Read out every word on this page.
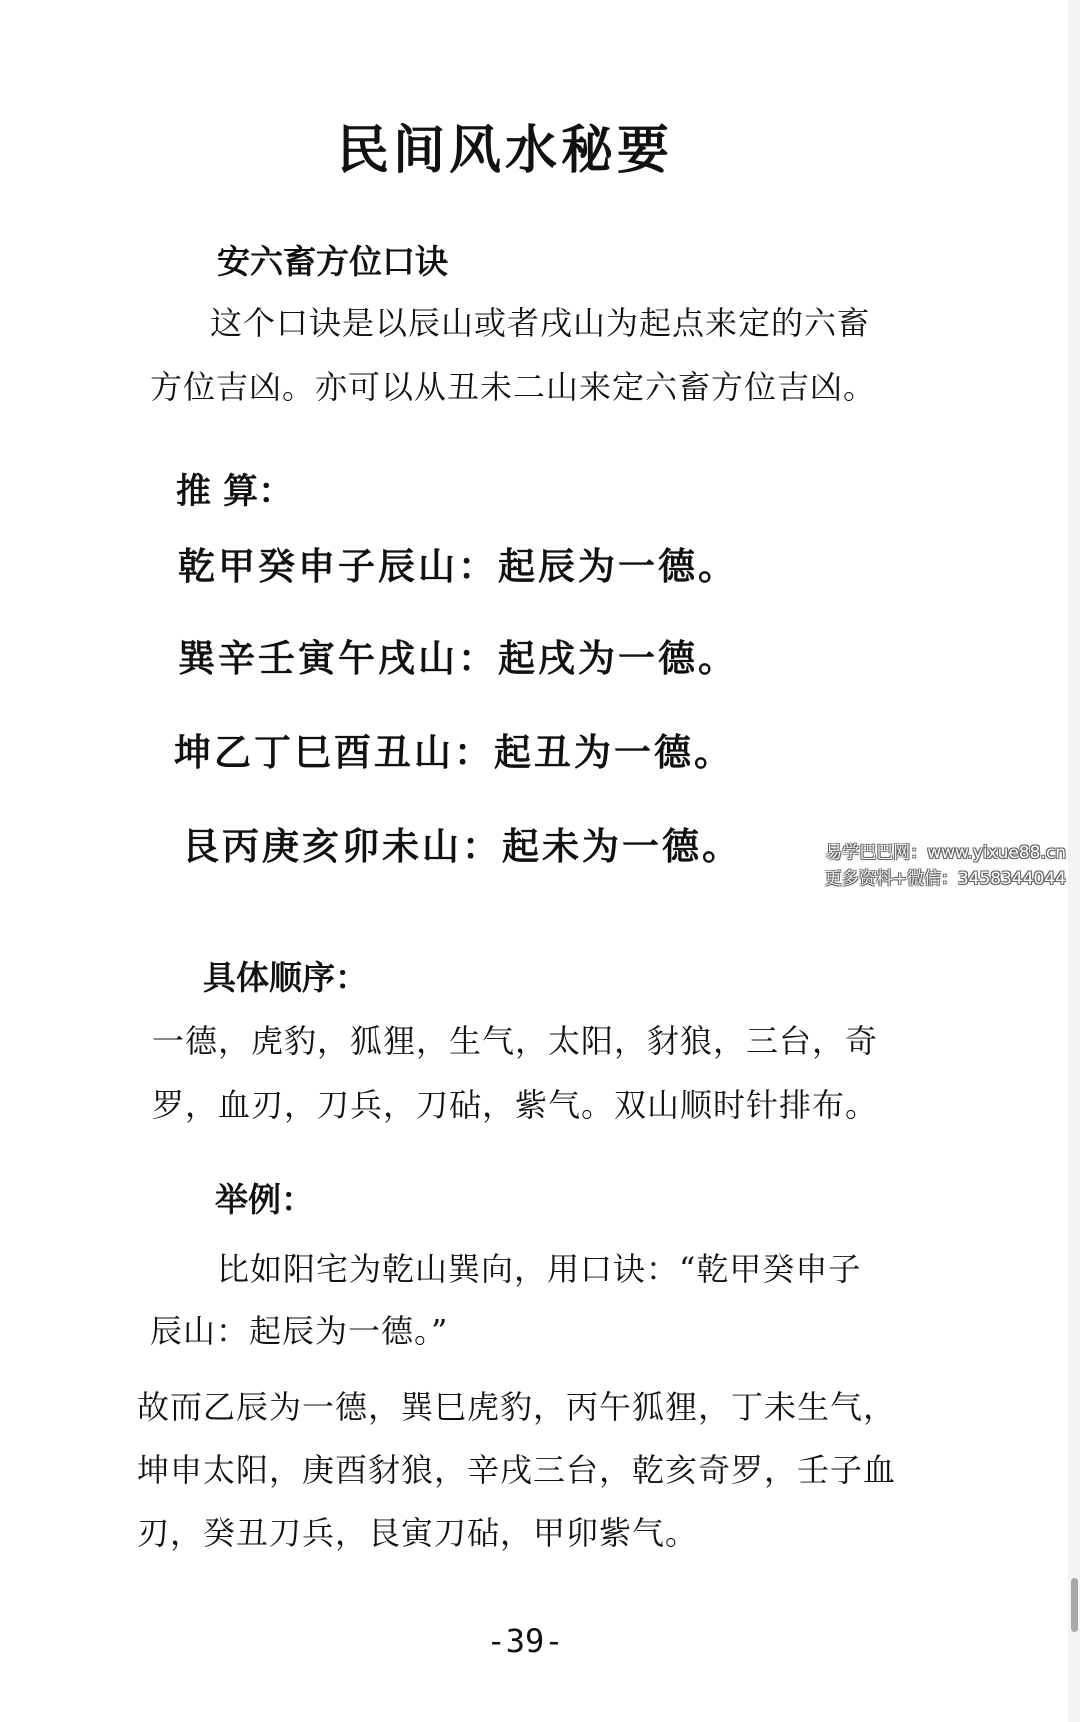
民间风水秘要
安六畜方位口诀
这个口诀是以辰山或者戌山为起点来定的六畜
方位吉凶。亦可以从丑未二山来定六畜方位吉凶。
推 算：
乾甲癸申子辰山：起辰为一德。
巽辛壬寅午戌山：起戌为一德。
坤乙丁巳酉丑山：起丑为一德。
艮丙庚亥卯未山：起未为一德。	易学巴巴网：www.yixue88.cn
更多资料+微信：3458344044
具体顺序：
一德，虎豹，狐狸，生气，太阳，豺狼，三台，奇
罗，血刃，刀兵，刀砧，紫气。双山顺时针排布。
举例：
比如阳宅为乾山巽向，用口诀：“乾甲癸申子
辰山：起辰为一德。”
故而乙辰为一德，巽巳虎豹，丙午狐狸，丁未生气，
坤申太阳，庚酉豺狼，辛戌三台，乾亥奇罗，壬子血
刃，癸丑刀兵，艮寅刀砧，甲卯紫气。
-39-
